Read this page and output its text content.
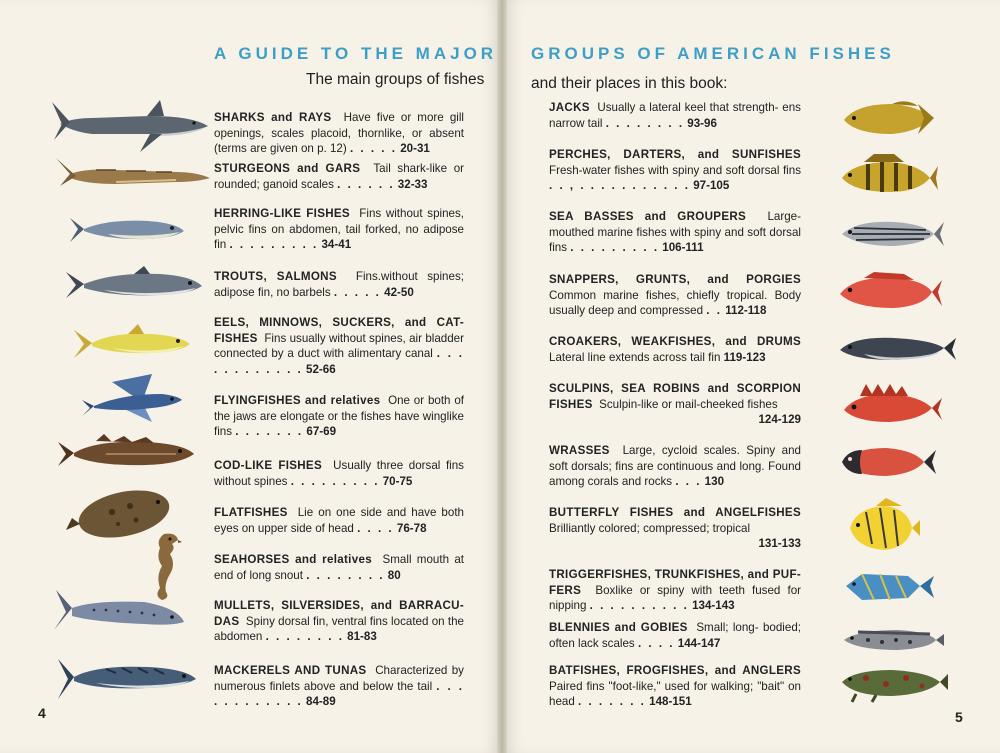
A GUIDE TO THE MAJOR
The main groups of fishes
GROUPS OF AMERICAN FISHES
and their places in this book:
SHARKS and RAYS Have five or more gill openings, scales placoid, thornlike, or absent (terms are given on p. 12) . . . . . 20-31
STURGEONS and GARS Tail shark-like or rounded; ganoid scales . . . . . . 32-33
HERRING-LIKE FISHES Fins without spines, pelvic fins on abdomen, tail forked, no adipose fin . . . . . . . . . 34-41
TROUTS, SALMONS Fins.without spines; adipose fin, no barbels . . . . . 42-50
EELS, MINNOWS, SUCKERS, and CAT- FISHES Fins usually without spines, air bladder connected by a duct with alimentary canal . . . . . . . . . . . . 52-66
FLYINGFISHES and relatives One or both of the jaws are elongate or the fishes have winglike fins . . . . . . . 67-69
COD-LIKE FISHES Usually three dorsal fins without spines . . . . . . . . . 70-75
FLATFISHES Lie on one side and have both eyes on upper side of head . . . . 76-78
SEAHORSES and relatives Small mouth at end of long snout . . . . . . . . 80
MULLETS, SILVERSIDES, and BARRACU- DAS Spiny dorsal fin, ventral fins located on the abdomen . . . . . . . . 81-83
MACKERELS AND TUNAS Characterized by numerous finlets above and below the tail . . . . . . . . . . . . 84-89
4
JACKS Usually a lateral keel that strength- ens narrow tail . . . . . . . . 93-96
PERCHES, DARTERS, and SUNFISHES Fresh-water fishes with spiny and soft dorsal fins . . , . . . . . . . . . . . 97-105
SEA BASSES and GROUPERS Large- mouthed marine fishes with spiny and soft dorsal fins . . . . . . . . . 106-111
SNAPPERS, GRUNTS, and PORGIES Common marine fishes, chiefly tropical. Body usually deep and compressed . . 112-118
CROAKERS, WEAKFISHES, and DRUMS Lateral line extends across tail fin 119-123
SCULPINS, SEA ROBINS and SCORPION FISHES Sculpin-like or mail-cheeked fishes
124-129
WRASSES Large, cycloid scales. Spiny and soft dorsals; fins are continuous and long. Found among corals and rocks . . . 130
BUTTERFLY FISHES and ANGELFISHES Brilliantly colored; compressed; tropical
131-133
TRIGGERFISHES, TRUNKFISHES, and PUF- FERS Boxlike or spiny with teeth fused for nipping . . . . . . . . . . 134-143
BLENNIES and GOBIES Small; long- bodied; often lack scales . . . . 144-147
BATFISHES, FROGFISHES, and ANGLERS Paired fins "foot-like," used for walking; "bait" on head . . . . . . . 148-151
5
